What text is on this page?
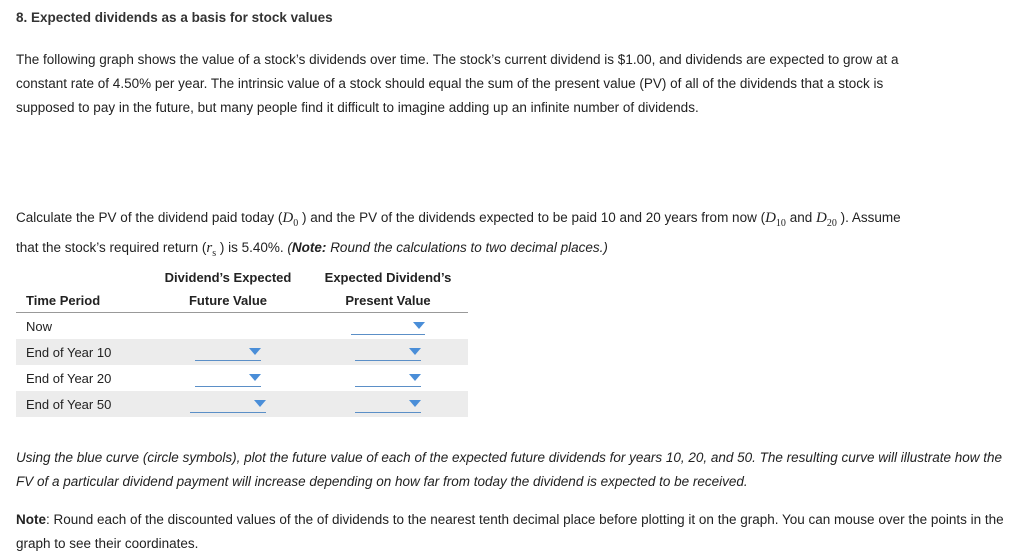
8. Expected dividends as a basis for stock values
The following graph shows the value of a stock’s dividends over time. The stock’s current dividend is $1.00, and dividends are expected to grow at a
constant rate of 4.50% per year. The intrinsic value of a stock should equal the sum of the present value (PV) of all of the dividends that a stock is
supposed to pay in the future, but many people find it difficult to imagine adding up an infinite number of dividends.
Calculate the PV of the dividend paid today ($D_0$ ) and the PV of the dividends expected to be paid 10 and 20 years from now ($D_{10}$ and $D_{20}$ ). Assume
that the stock’s required return ($r_s$ ) is 5.40%. (Note: Round the calculations to two decimal places.)
	Dividend’s Expected	Expected Dividend’s
Time Period	Future Value	Present Value
Now		

End of Year 10	

End of Year 20	

End of Year 50	

Using the blue curve (circle symbols), plot the future value of each of the expected future dividends for years 10, 20, and 50. The resulting curve will illustrate how the FV of a particular dividend payment will increase depending on how far from today the dividend is expected to be received.
Note: Round each of the discounted values of the of dividends to the nearest tenth decimal place before plotting it on the graph. You can mouse over the points in the graph to see their coordinates.
